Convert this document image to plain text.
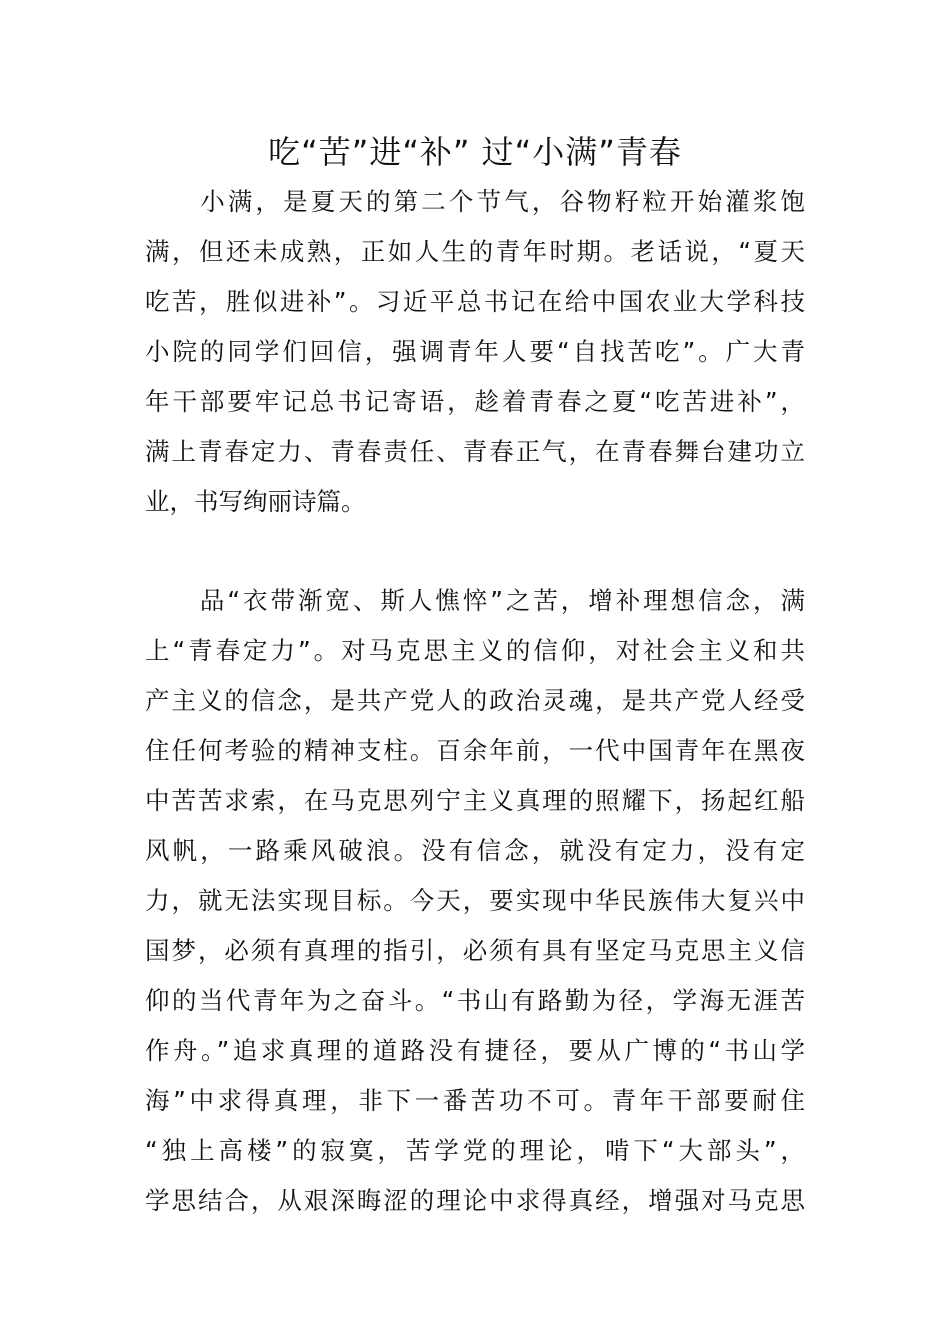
吃“苦”进“补” 过“小满”青春
　　小满，是夏天的第二个节气，谷物籽粒开始灌浆饱
满，但还未成熟，正如人生的青年时期。老话说，“夏天
吃苦，胜似进补”。习近平总书记在给中国农业大学科技
小院的同学们回信，强调青年人要“自找苦吃”。广大青
年干部要牢记总书记寄语，趁着青春之夏“吃苦进补”，
满上青春定力、青春责任、青春正气，在青春舞台建功立
业，书写绚丽诗篇。
　　品“衣带渐宽、斯人憔悴”之苦，增补理想信念，满
上“青春定力”。对马克思主义的信仰，对社会主义和共
产主义的信念，是共产党人的政治灵魂，是共产党人经受
住任何考验的精神支柱。百余年前，一代中国青年在黑夜
中苦苦求索，在马克思列宁主义真理的照耀下，扬起红船
风帆，一路乘风破浪。没有信念，就没有定力，没有定
力，就无法实现目标。今天，要实现中华民族伟大复兴中
国梦，必须有真理的指引，必须有具有坚定马克思主义信
仰的当代青年为之奋斗。“书山有路勤为径，学海无涯苦
作舟。”追求真理的道路没有捷径，要从广博的“书山学
海”中求得真理，非下一番苦功不可。青年干部要耐住
“独上高楼”的寂寞，苦学党的理论，啃下“大部头”，
学思结合，从艰深晦涩的理论中求得真经，增强对马克思
